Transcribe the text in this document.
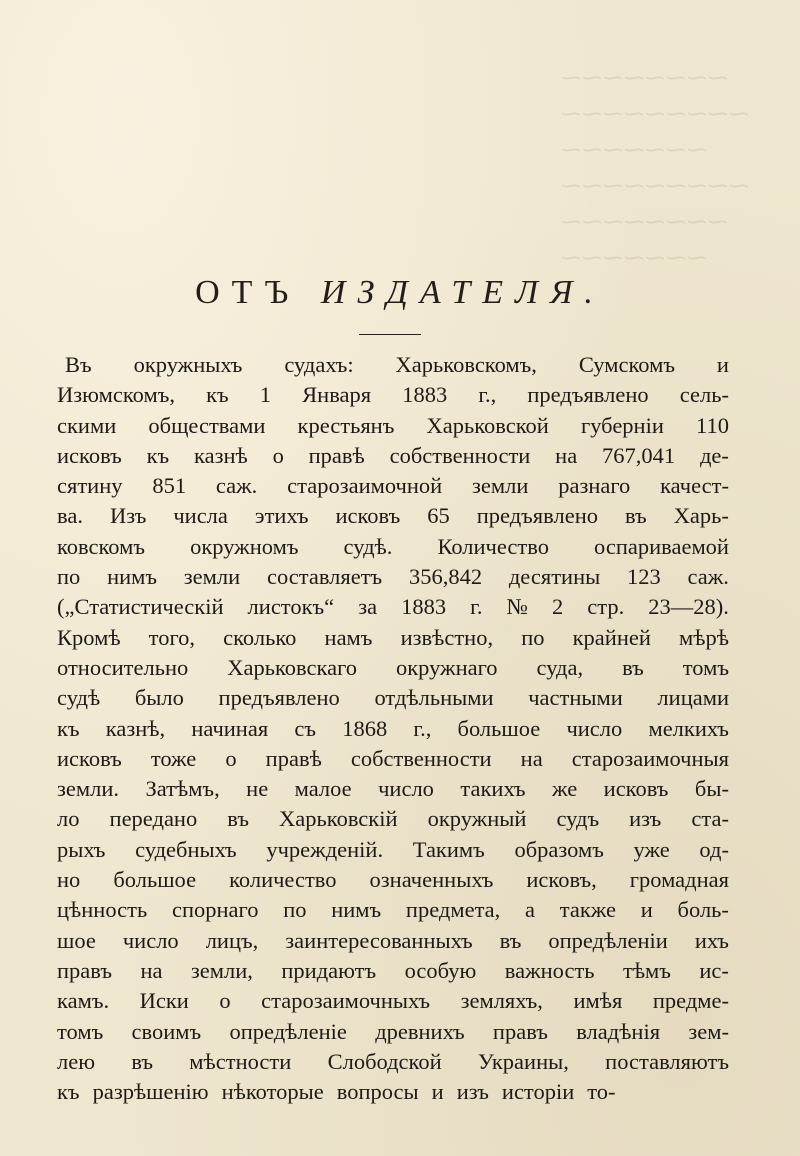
⁓⁓⁓⁓⁓⁓⁓⁓
⁓⁓⁓⁓⁓⁓⁓⁓⁓
⁓⁓⁓⁓⁓⁓⁓
⁓⁓⁓⁓⁓⁓⁓⁓⁓
⁓⁓⁓⁓⁓⁓⁓⁓
⁓⁓⁓⁓⁓⁓⁓
ОТЪ ИЗДАТЕЛЯ.
Въ окружныхъ судахъ: Харьковскомъ, Сумскомъ и
Изюмскомъ, къ 1 Января 1883 г., предъявлено сель-
скими обществами крестьянъ Харьковской губерніи 110
исковъ къ казнѣ о правѣ собственности на 767,041 де-
сятину 851 саж. старозаимочной земли разнаго качест-
ва. Изъ числа этихъ исковъ 65 предъявлено въ Харь-
ковскомъ окружномъ судѣ. Количество оспариваемой
по нимъ земли составляетъ 356,842 десятины 123 саж.
(„Статистическій листокъ“ за 1883 г. № 2 стр. 23—28).
Кромѣ того, сколько намъ извѣстно, по крайней мѣрѣ
относительно Харьковскаго окружнаго суда, въ томъ
судѣ было предъявлено отдѣльными частными лицами
къ казнѣ, начиная съ 1868 г., большое число мелкихъ
исковъ тоже о правѣ собственности на старозаимочныя
земли. Затѣмъ, не малое число такихъ же исковъ бы-
ло передано въ Харьковскій окружный судъ изъ ста-
рыхъ судебныхъ учрежденій. Такимъ образомъ уже од-
но большое количество означенныхъ исковъ, громадная
цѣнность спорнаго по нимъ предмета, а также и боль-
шое число лицъ, заинтересованныхъ въ опредѣленіи ихъ
правъ на земли, придаютъ особую важность тѣмъ ис-
камъ. Иски о старозаимочныхъ земляхъ, имѣя предме-
томъ своимъ опредѣленіе древнихъ правъ владѣнія зем-
лею въ мѣстности Слободской Украины, поставляютъ
къ разрѣшенію нѣкоторые вопросы и изъ исторіи то-
